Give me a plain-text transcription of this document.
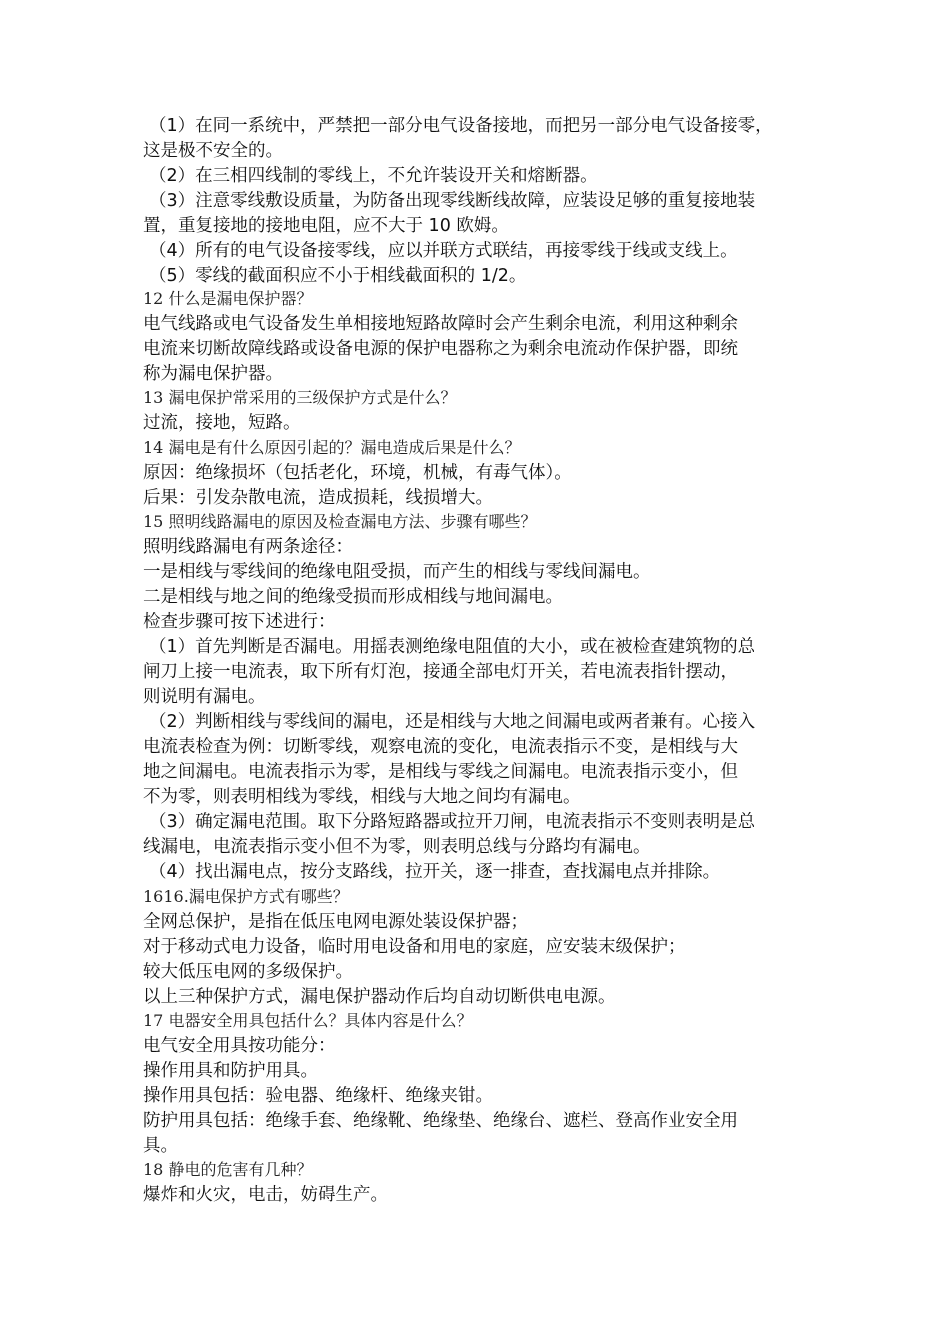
（1）在同一系统中，严禁把一部分电气设备接地，而把另一部分电气设备接零，
这是极不安全的。
（2）在三相四线制的零线上，不允许装设开关和熔断器。
（3）注意零线敷设质量，为防备出现零线断线故障，应装设足够的重复接地装
置，重复接地的接地电阻，应不大于 10 欧姆。
（4）所有的电气设备接零线，应以并联方式联结，再接零线于线或支线上。
（5）零线的截面积应不小于相线截面积的 1/2。
12 什么是漏电保护器？
电气线路或电气设备发生单相接地短路故障时会产生剩余电流，利用这种剩余
电流来切断故障线路或设备电源的保护电器称之为剩余电流动作保护器，即统
称为漏电保护器。
13 漏电保护常采用的三级保护方式是什么？
过流，接地，短路。
14 漏电是有什么原因引起的？漏电造成后果是什么？
原因：绝缘损坏（包括老化，环境，机械，有毒气体）。
后果：引发杂散电流，造成损耗，线损增大。
15 照明线路漏电的原因及检查漏电方法、步骤有哪些？
照明线路漏电有两条途径：
一是相线与零线间的绝缘电阻受损，而产生的相线与零线间漏电。
二是相线与地之间的绝缘受损而形成相线与地间漏电。
检查步骤可按下述进行：
（1）首先判断是否漏电。用摇表测绝缘电阻值的大小，或在被检查建筑物的总
闸刀上接一电流表，取下所有灯泡，接通全部电灯开关，若电流表指针摆动，
则说明有漏电。
（2）判断相线与零线间的漏电，还是相线与大地之间漏电或两者兼有。心接入
电流表检查为例：切断零线，观察电流的变化，电流表指示不变，是相线与大
地之间漏电。电流表指示为零，是相线与零线之间漏电。电流表指示变小，但
不为零，则表明相线为零线，相线与大地之间均有漏电。
（3）确定漏电范围。取下分路短路器或拉开刀闸，电流表指示不变则表明是总
线漏电，电流表指示变小但不为零，则表明总线与分路均有漏电。
（4）找出漏电点，按分支路线，拉开关，逐一排查，查找漏电点并排除。
1616.漏电保护方式有哪些？
全网总保护，是指在低压电网电源处装设保护器；
对于移动式电力设备，临时用电设备和用电的家庭，应安装末级保护；
较大低压电网的多级保护。
以上三种保护方式，漏电保护器动作后均自动切断供电电源。
17 电器安全用具包括什么？具体内容是什么？
电气安全用具按功能分：
操作用具和防护用具。
操作用具包括：验电器、绝缘杆、绝缘夹钳。
防护用具包括：绝缘手套、绝缘靴、绝缘垫、绝缘台、遮栏、登高作业安全用
具。
18 静电的危害有几种？
爆炸和火灾，电击，妨碍生产。
